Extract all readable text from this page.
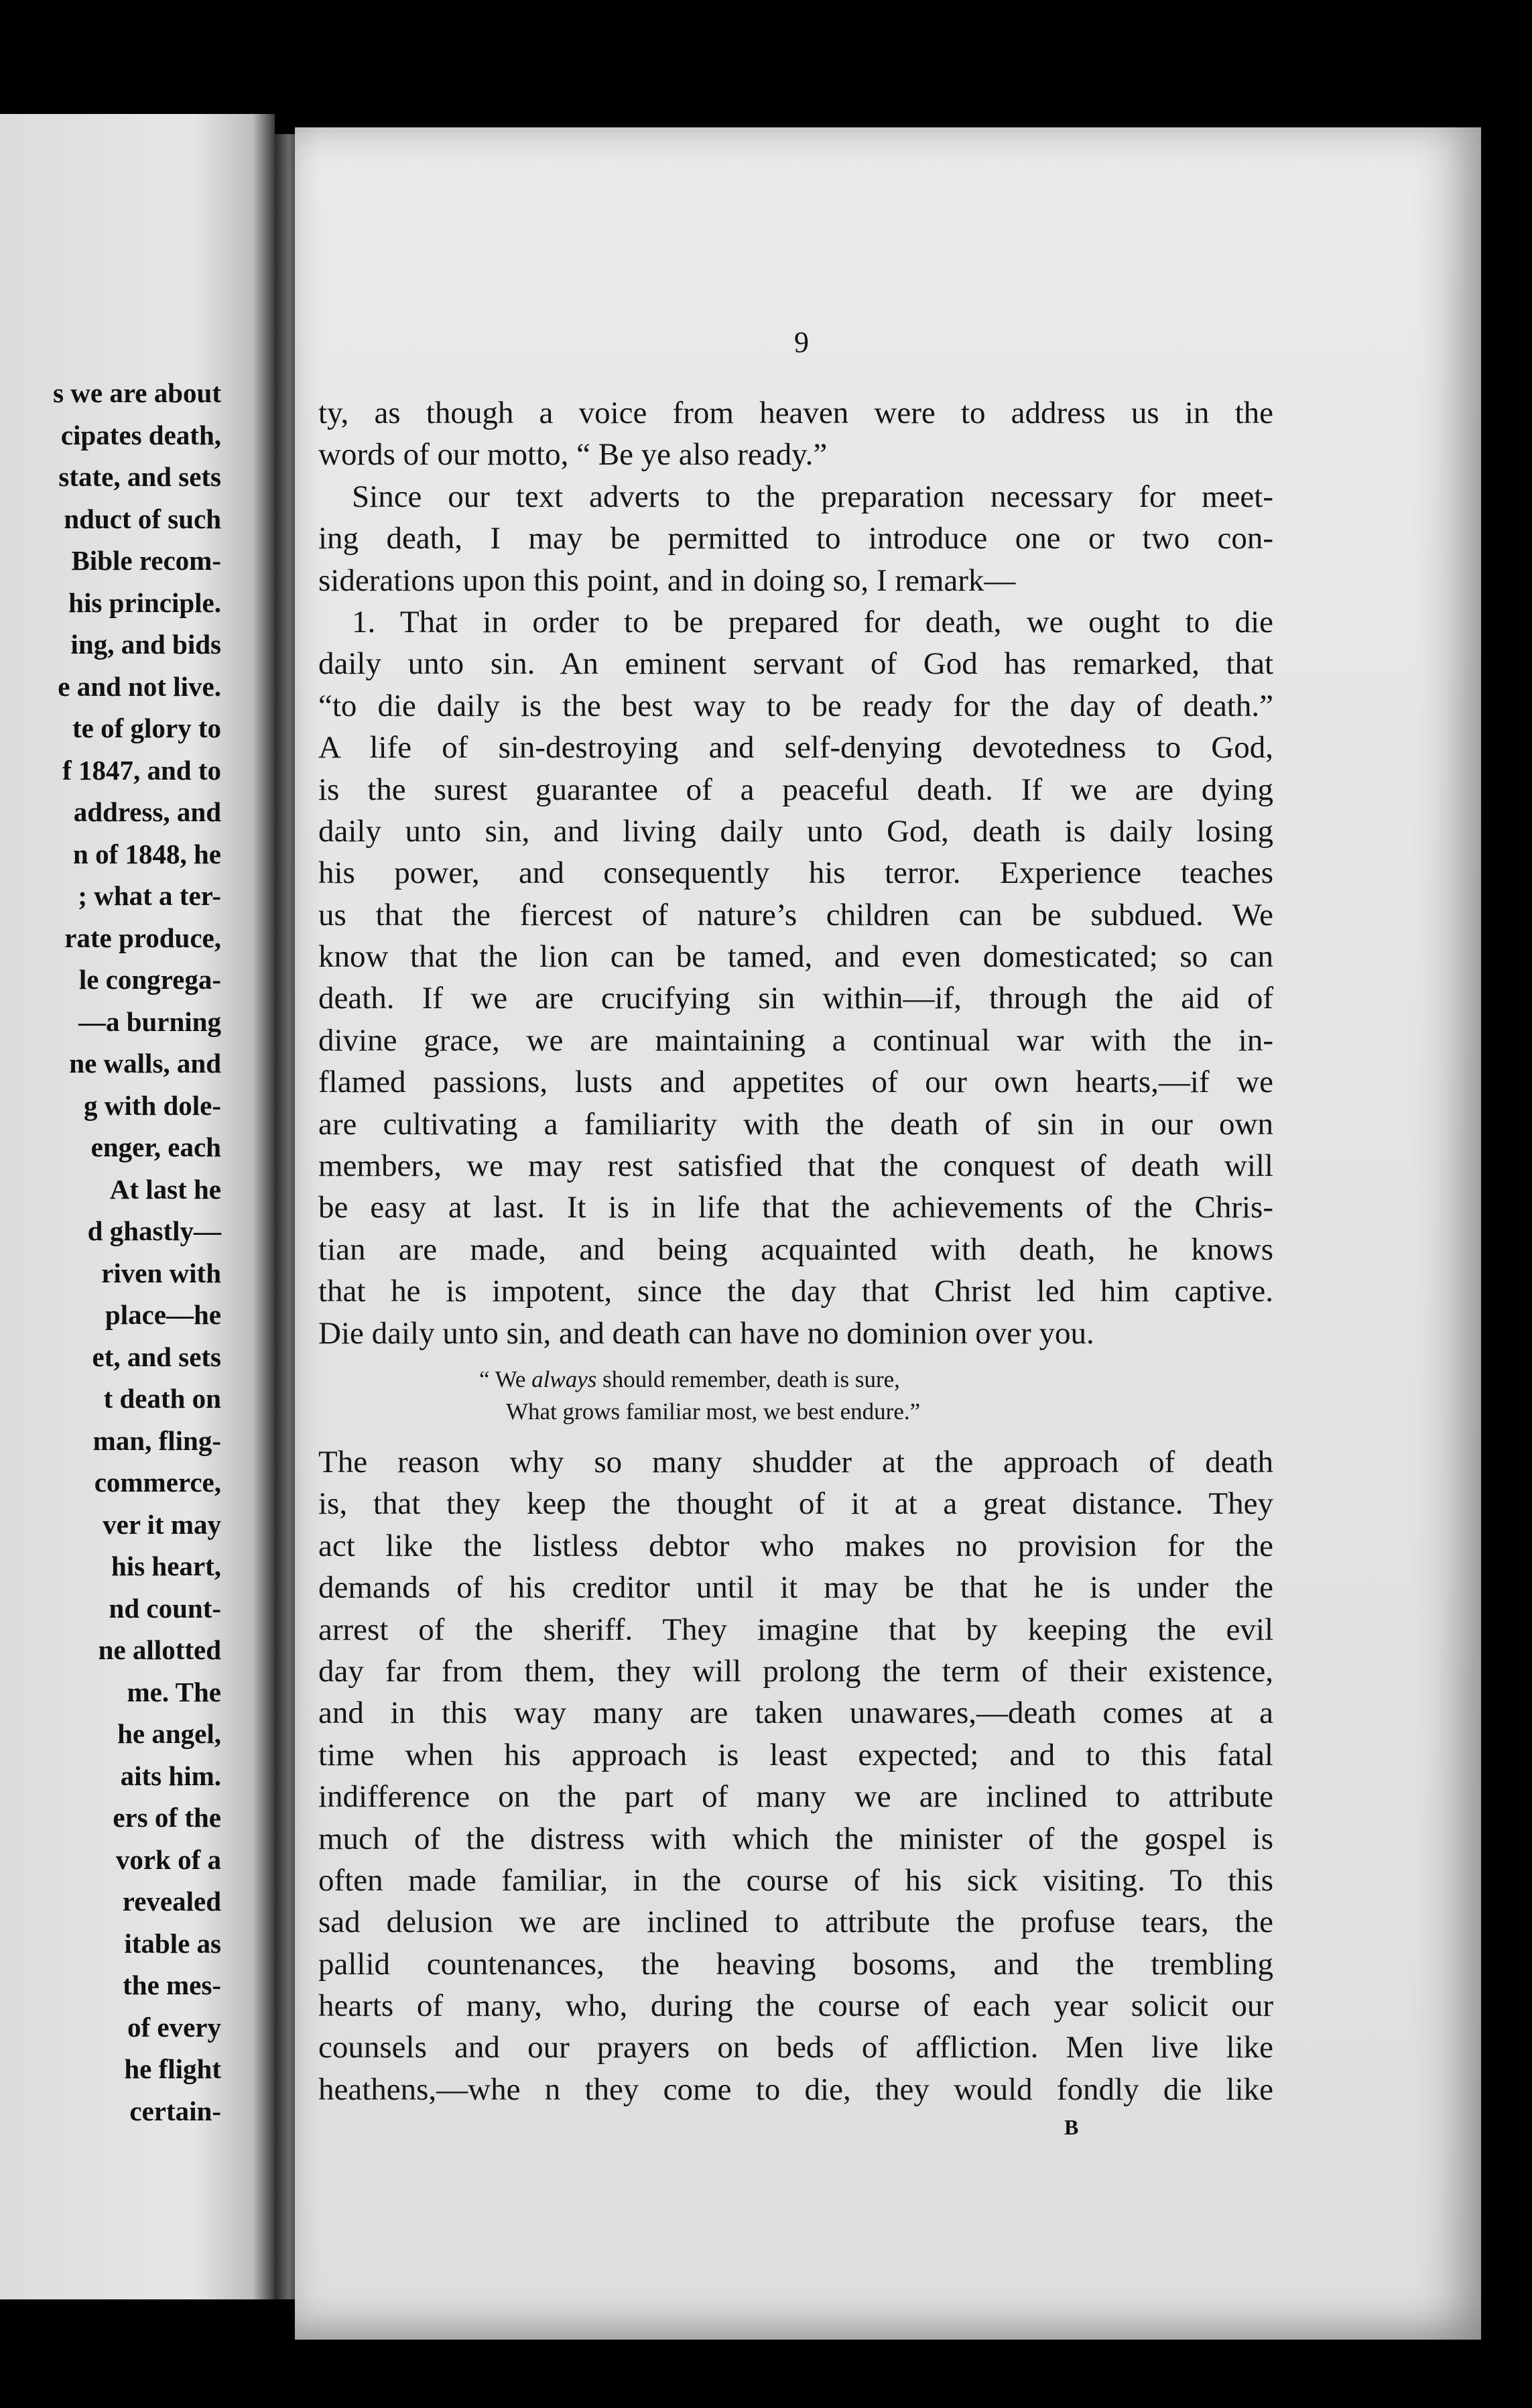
s we are about
cipates death,
state, and sets
nduct of such
Bible recom-
his principle.
ing, and bids
e and not live.
te of glory to
f 1847, and to
address, and
n of 1848, he
; what a ter-
rate produce,
le congrega-
—a burning
ne walls, and
g with dole-
enger, each
At last he
d ghastly—
riven with
place—he
et, and sets
t death on
man, fling-
commerce,
ver it may
his heart,
nd count-
ne allotted
me. The
he angel,
aits him.
ers of the
vork of a
revealed
itable as
the mes-
of every
he flight
certain-
9
ty, as though a voice from heaven were to address us in the
words of our motto, “ Be ye also ready.”
Since our text adverts to the preparation necessary for meet-
ing death, I may be permitted to introduce one or two con-
siderations upon this point, and in doing so, I remark—
1. That in order to be prepared for death, we ought to die
daily unto sin. An eminent servant of God has remarked, that
“to die daily is the best way to be ready for the day of death.”
A life of sin-destroying and self-denying devotedness to God,
is the surest guarantee of a peaceful death. If we are dying
daily unto sin, and living daily unto God, death is daily losing
his power, and consequently his terror. Experience teaches
us that the fiercest of nature’s children can be subdued. We
know that the lion can be tamed, and even domesticated; so can
death. If we are crucifying sin within—if, through the aid of
divine grace, we are maintaining a continual war with the in-
flamed passions, lusts and appetites of our own hearts,—if we
are cultivating a familiarity with the death of sin in our own
members, we may rest satisfied that the conquest of death will
be easy at last. It is in life that the achievements of the Chris-
tian are made, and being acquainted with death, he knows
that he is impotent, since the day that Christ led him captive.
Die daily unto sin, and death can have no dominion over you.
“ We always should remember, death is sure,
What grows familiar most, we best endure.”
The reason why so many shudder at the approach of death
is, that they keep the thought of it at a great distance. They
act like the listless debtor who makes no provision for the
demands of his creditor until it may be that he is under the
arrest of the sheriff. They imagine that by keeping the evil
day far from them, they will prolong the term of their existence,
and in this way many are taken unawares,—death comes at a
time when his approach is least expected; and to this fatal
indifference on the part of many we are inclined to attribute
much of the distress with which the minister of the gospel is
often made familiar, in the course of his sick visiting. To this
sad delusion we are inclined to attribute the profuse tears, the
pallid countenances, the heaving bosoms, and the trembling
hearts of many, who, during the course of each year solicit our
counsels and our prayers on beds of affliction. Men live like
heathens,—whe n they come to die, they would fondly die like
B
